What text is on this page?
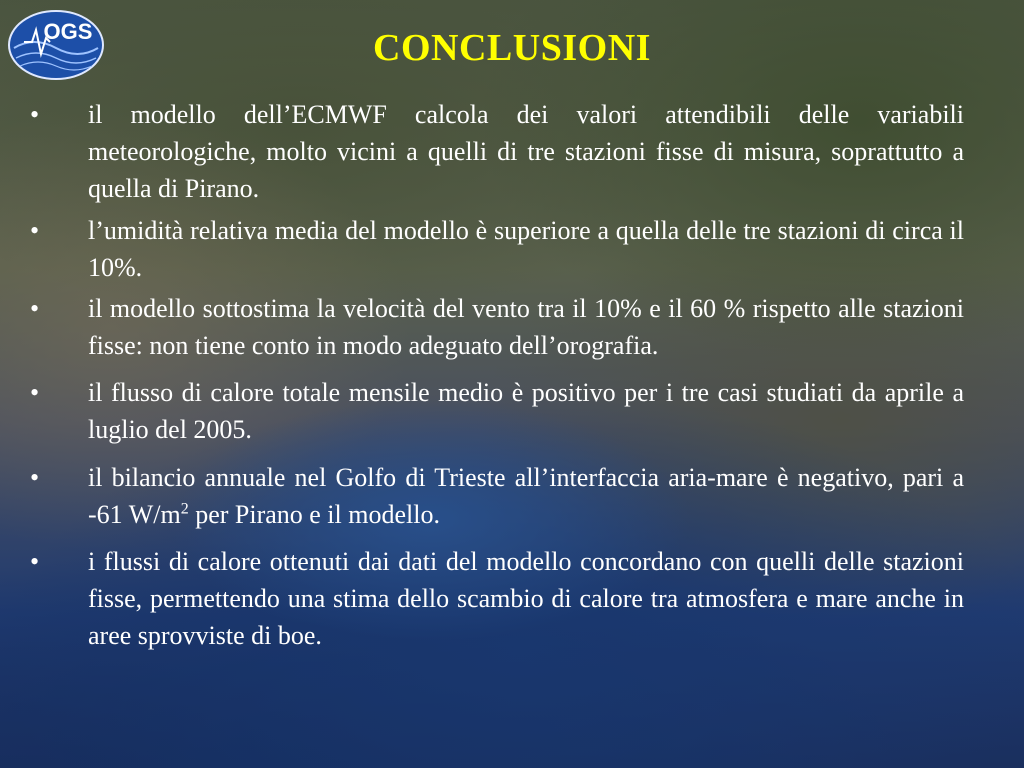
OGS	CONCLUSIONI
• il modello dell’ECMWF calcola dei valori attendibili delle variabili meteorologiche, molto vicini a quelli di tre stazioni fisse di misura, soprattutto a quella di Pirano.
• l’umidità relativa media del modello è superiore a quella delle tre stazioni di circa il 10%.
• il modello sottostima la velocità del vento tra il 10% e il 60 % rispetto alle stazioni fisse: non tiene conto in modo adeguato dell’orografia.
• il flusso di calore totale mensile medio è positivo per i tre casi studiati da aprile a luglio del 2005.
• il bilancio annuale nel Golfo di Trieste all’interfaccia aria-mare è negativo, pari a -61 $W/m^2$ per Pirano e il modello.
• i flussi di calore ottenuti dai dati del modello concordano con quelli delle stazioni fisse, permettendo una stima dello scambio di calore tra atmosfera e mare anche in aree sprovviste di boe.
